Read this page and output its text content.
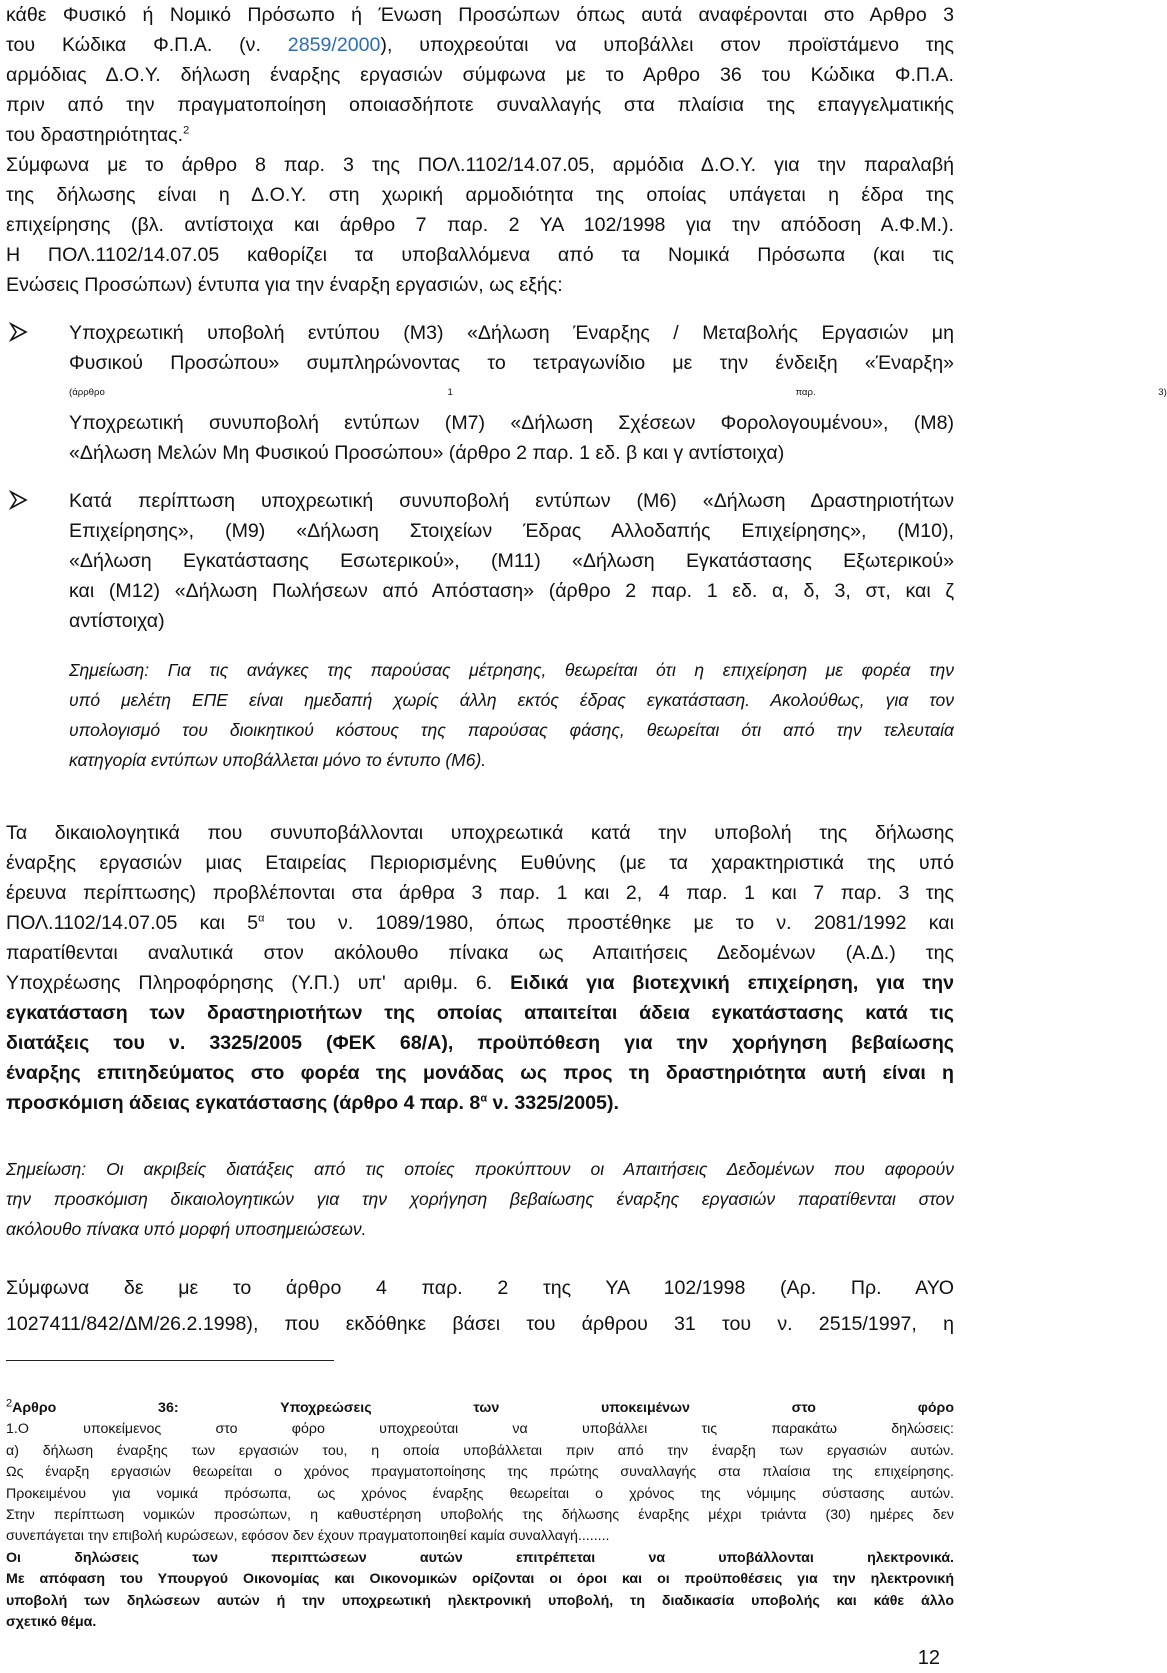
κάθε Φυσικό ή Νομικό Πρόσωπο ή Ένωση Προσώπων όπως αυτά αναφέρονται στο Αρθρο 3
του Κώδικα Φ.Π.Α. (ν. 2859/2000), υποχρεούται να υποβάλλει στον προϊστάμενο της
αρμόδιας Δ.Ο.Υ. δήλωση έναρξης εργασιών σύμφωνα με το Αρθρο 36 του Κώδικα Φ.Π.Α.
πριν από την πραγματοποίηση οποιασδήποτε συναλλαγής στα πλαίσια της επαγγελματικής
του δραστηριότητας.$^2$
Σύμφωνα με το άρθρο 8 παρ. 3 της ΠΟΛ.1102/14.07.05, αρμόδια Δ.Ο.Υ. για την παραλαβή
της δήλωσης είναι η Δ.Ο.Υ. στη χωρική αρμοδιότητα της οποίας υπάγεται η έδρα της
επιχείρησης (βλ. αντίστοιχα και άρθρο 7 παρ. 2 ΥΑ 102/1998 για την απόδοση Α.Φ.Μ.).
Η ΠΟΛ.1102/14.07.05 καθορίζει τα υποβαλλόμενα από τα Νομικά Πρόσωπα (και τις
Ενώσεις Προσώπων) έντυπα για την έναρξη εργασιών, ως εξής:
Υποχρεωτική υποβολή εντύπου (Μ3) «Δήλωση Έναρξης / Μεταβολής Εργασιών μη
Φυσικού Προσώπου» συμπληρώνοντας το τετραγωνίδιο με την ένδειξη «Έναρξη»
(άρρθρο 1 παρ. 3)
Υποχρεωτική συνυποβολή εντύπων (Μ7) «Δήλωση Σχέσεων Φορολογουμένου», (Μ8)
«Δήλωση Μελών Μη Φυσικού Προσώπου» (άρθρο 2 παρ. 1 εδ. β και γ αντίστοιχα)
Κατά περίπτωση υποχρεωτική συνυποβολή εντύπων (Μ6) «Δήλωση Δραστηριοτήτων
Επιχείρησης», (Μ9) «Δήλωση Στοιχείων Έδρας Αλλοδαπής Επιχείρησης», (Μ10),
«Δήλωση Εγκατάστασης Εσωτερικού», (Μ11) «Δήλωση Εγκατάστασης Εξωτερικού»
και (Μ12) «Δήλωση Πωλήσεων από Απόσταση» (άρθρο 2 παρ. 1 εδ. α, δ, 3, στ, και ζ
αντίστοιχα)
Σημείωση: Για τις ανάγκες της παρούσας μέτρησης, θεωρείται ότι η επιχείρηση με φορέα την
υπό μελέτη ΕΠΕ είναι ημεδαπή χωρίς άλλη εκτός έδρας εγκατάσταση. Ακολούθως, για τον
υπολογισμό του διοικητικού κόστους της παρούσας φάσης, θεωρείται ότι από την τελευταία
κατηγορία εντύπων υποβάλλεται μόνο το έντυπο (Μ6).
Τα δικαιολογητικά που συνυποβάλλονται υποχρεωτικά κατά την υποβολή της δήλωσης
έναρξης εργασιών μιας Εταιρείας Περιορισμένης Ευθύνης (με τα χαρακτηριστικά της υπό
έρευνα περίπτωσης) προβλέπονται στα άρθρα 3 παρ. 1 και 2, 4 παρ. 1 και 7 παρ. 3 της
ΠΟΛ.1102/14.07.05 και $5^\alpha$ του ν. 1089/1980, όπως προστέθηκε με το ν. 2081/1992 και
παρατίθενται αναλυτικά στον ακόλουθο πίνακα ως Απαιτήσεις Δεδομένων (Α.Δ.) της
Υποχρέωσης Πληροφόρησης (Υ.Π.) υπ' αριθμ. 6. Ειδικά για βιοτεχνική επιχείρηση, για την
εγκατάσταση των δραστηριοτήτων της οποίας απαιτείται άδεια εγκατάστασης κατά τις
διατάξεις του ν. 3325/2005 (ΦΕΚ 68/Α), προϋπόθεση για την χορήγηση βεβαίωσης
έναρξης επιτηδεύματος στο φορέα της μονάδας ως προς τη δραστηριότητα αυτή είναι η
προσκόμιση άδειας εγκατάστασης (άρθρο 4 παρ. $8^\alpha$ ν. 3325/2005).
Σημείωση: Οι ακριβείς διατάξεις από τις οποίες προκύπτουν οι Απαιτήσεις Δεδομένων που αφορούν
την προσκόμιση δικαιολογητικών για την χορήγηση βεβαίωσης έναρξης εργασιών παρατίθενται στον
ακόλουθο πίνακα υπό μορφή υποσημειώσεων.
Σύμφωνα δε με το άρθρο 4 παρ. 2 της ΥΑ 102/1998 (Αρ. Πρ. ΑΥΟ
1027411/842/ΔΜ/26.2.1998), που εκδόθηκε βάσει του άρθρου 31 του ν. 2515/1997, η
$^2$Αρθρο 36: Υποχρεώσεις των υποκειμένων στο φόρο
1.Ο υποκείμενος στο φόρο υποχρεούται να υποβάλλει τις παρακάτω δηλώσεις:
α) δήλωση έναρξης των εργασιών του, η οποία υποβάλλεται πριν από την έναρξη των εργασιών αυτών.
Ως έναρξη εργασιών θεωρείται ο χρόνος πραγματοποίησης της πρώτης συναλλαγής στα πλαίσια της επιχείρησης.
Προκειμένου για νομικά πρόσωπα, ως χρόνος έναρξης θεωρείται ο χρόνος της νόμιμης σύστασης αυτών.
Στην περίπτωση νομικών προσώπων, η καθυστέρηση υποβολής της δήλωσης έναρξης μέχρι τριάντα (30) ημέρες δεν
συνεπάγεται την επιβολή κυρώσεων, εφόσον δεν έχουν πραγματοποιηθεί καμία συναλλαγή........
Οι δηλώσεις των περιπτώσεων αυτών επιτρέπεται να υποβάλλονται ηλεκτρονικά.
Με απόφαση του Υπουργού Οικονομίας και Οικονομικών ορίζονται οι όροι και οι προϋποθέσεις για την ηλεκτρονική
υποβολή των δηλώσεων αυτών ή την υποχρεωτική ηλεκτρονική υποβολή, τη διαδικασία υποβολής και κάθε άλλο
σχετικό θέμα.
12
